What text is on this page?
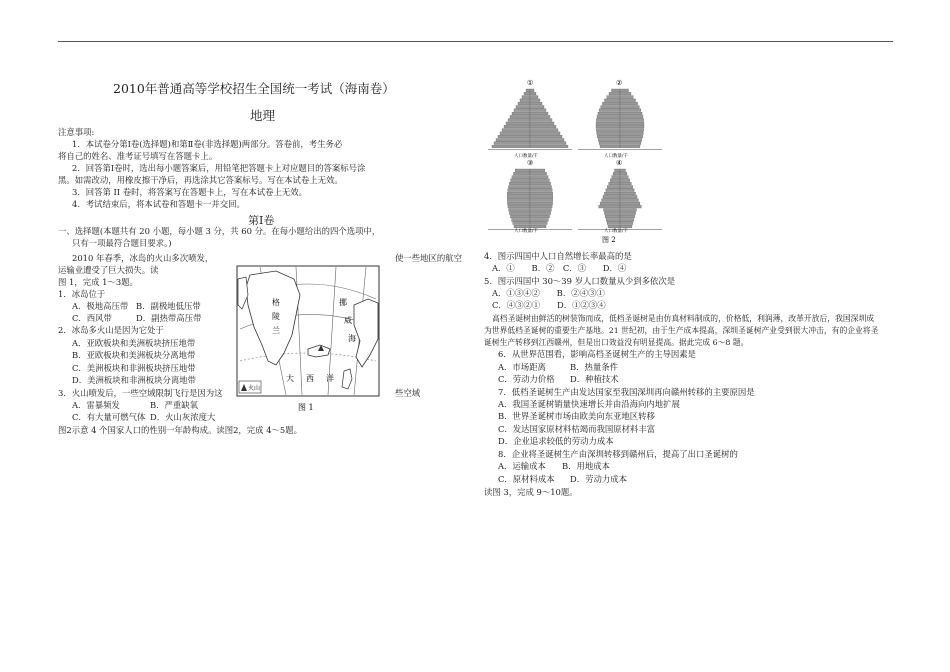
2010年普通高等学校招生全国统一考试（海南卷）
地理
注意事项:
1．本试卷分第Ⅰ卷(选择题)和第Ⅱ卷(非选择题)两部分。答卷前，考生务必
将自己的姓名、准考证号填写在答题卡上。
2．回答第Ⅰ卷时，选出每小题答案后，用铅笔把答题卡上对应题目的答案标号涂
黑。如需改动，用橡皮擦干净后，再选涂其它答案标号。写在本试卷上无效。
3．回答第 II 卷时，将答案写在答题卡上，写在本试卷上无效。
4．考试结束后，将本试卷和答题卡一并交回。
第Ⅰ卷
一、选择题(本题共有 20 小题，每小题 3 分，共 60 分。在每小题给出的四个选项中，
只有一项最符合题目要求。)
2010 年春季，冰岛的火山多次喷发，	使一些地区的航空
运输业遭受了巨大损失。读
图 1，完成 1～3题。
1．冰岛位于
A．极地高压带 B．副极地低压带
C．西风带	D．副热带高压带
2．冰岛多火山是因为它处于
A．亚欧板块和美洲板块挤压地带
B．亚欧板块和美洲板块分离地带
C．美洲板块和非洲板块挤压地带
D．美洲板块和非洲板块分离地带
3．火山喷发后，一些空域限制飞行是因为这	些空域
A．雷暴频发	B．严重缺氧
C．有大量可燃气体 D．火山灰浓度大
图2示意 4 个国家人口的性别一年龄构成。读图2，完成 4～5题。
格
陵
兰
挪
威
海
大 西 洋
火山
图 1
①	②
③	④
人口数量/千	人口数量/千
人口数量/千	人口数量/千
图 2
4．图示四国中人口自然增长率最高的是
A．①　　B．②　C．③　　D．④
5．图示四国中 30～39 岁人口数量从少到多依次是
A．①③④②　　B．②④③①
C．④③②①　　D．①②③④
高档圣诞树由鲜活的树装饰而成，低档圣诞树是由仿真材料制成的，价格低，利润薄，改革开放后，我国深圳成
为世界低档圣诞树的重要生产基地。21 世纪初，由于生产成本提高，深圳圣诞树产业受到很大冲击，有的企业将圣
诞树生产转移到江西赣州，但是出口效益没有明显提高。据此完成 6～8 题。
6．从世界范围看，影响高档圣诞树生产的主导因素是
A．市场距离	B．热量条件
C．劳动力价格 D．种植技术
7．低档圣诞树生产由发达国家至我国深圳再向赣州转移的主要原因是
A．我国圣诞树销量快速增长并由沿海向内地扩展
B．世界圣诞树市场由欧美向东亚地区转移
C．发达国家原材料枯竭而我国原材料丰富
D．企业追求较低的劳动力成本
8．企业将圣诞树生产由深圳转移到赣州后，提高了出口圣诞树的
A．运输成本 B．用地成本
C．原材料成本 D．劳动力成本
读图 3，完成 9～10题。
